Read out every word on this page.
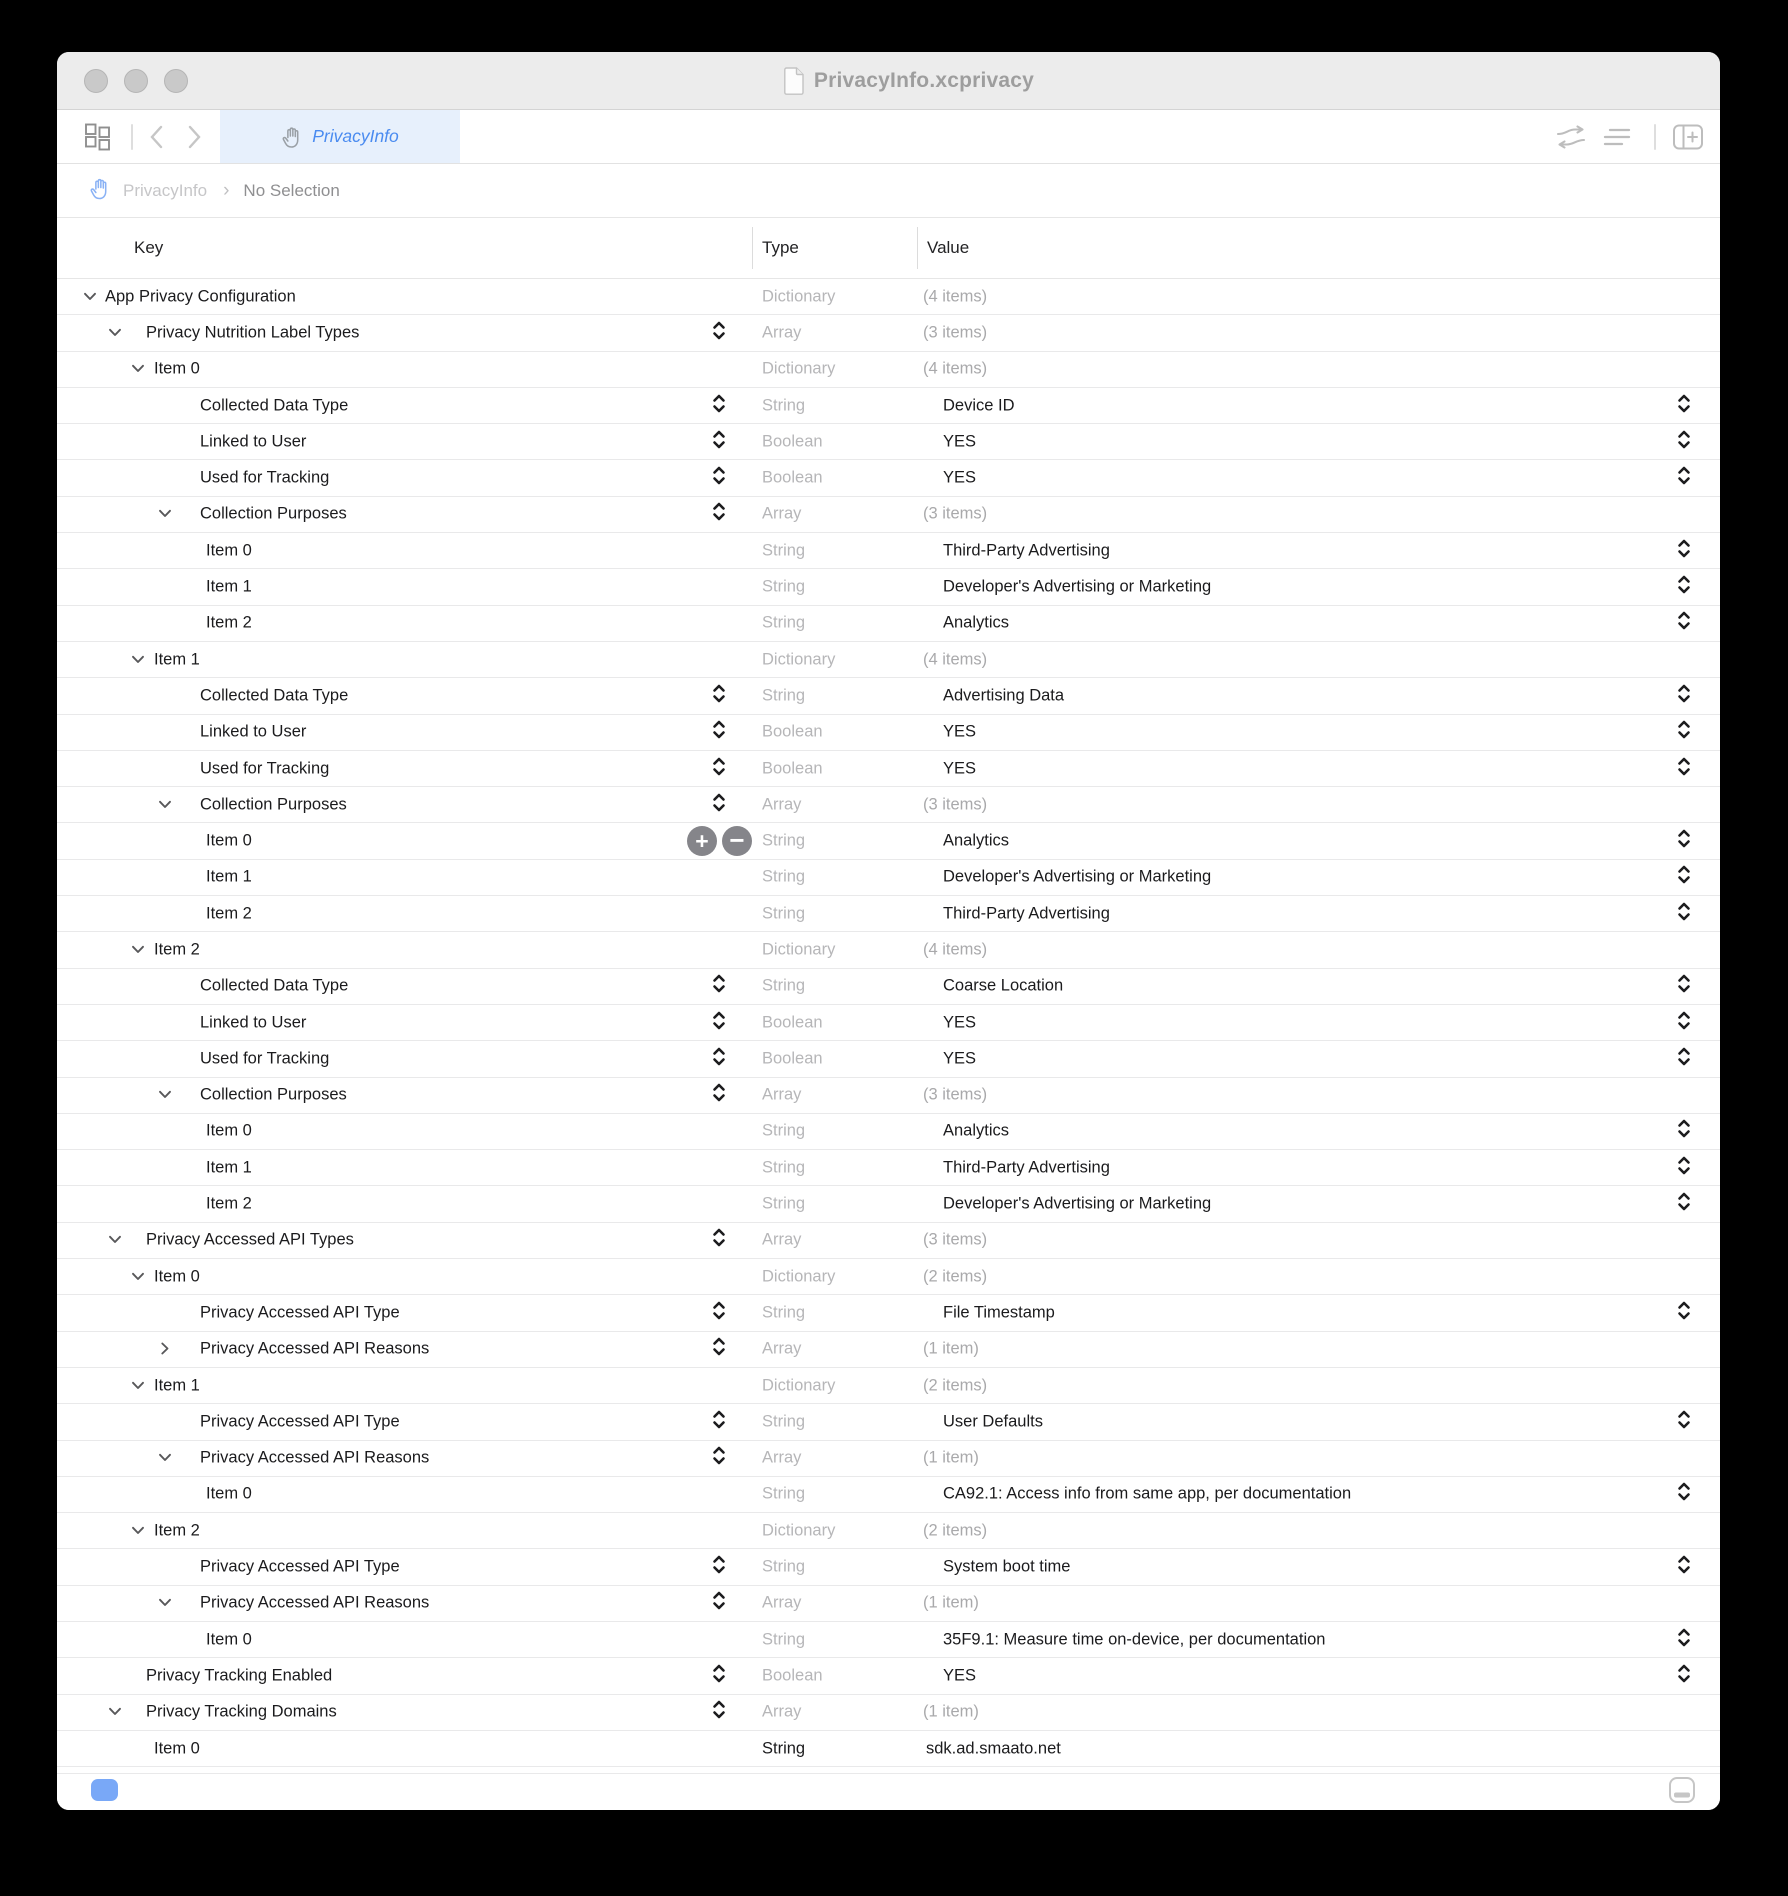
PrivacyInfo.xcprivacy
PrivacyInfo
PrivacyInfo › No Selection
Key	Type	Value
App Privacy Configuration	Dictionary	(4 items)
Privacy Nutrition Label Types	Array	(3 items)
Item 0	Dictionary	(4 items)
Collected Data Type	String	Device ID
Linked to User	Boolean	YES
Used for Tracking	Boolean	YES
Collection Purposes	Array	(3 items)
Item 0	String	Third-Party Advertising
Item 1	String	Developer's Advertising or Marketing
Item 2	String	Analytics
Item 1	Dictionary	(4 items)
Collected Data Type	String	Advertising Data
Linked to User	Boolean	YES
Used for Tracking	Boolean	YES
Collection Purposes	Array	(3 items)
Item 0	+ −	String	Analytics
Item 1	String	Developer's Advertising or Marketing
Item 2	String	Third-Party Advertising
Item 2	Dictionary	(4 items)
Collected Data Type	String	Coarse Location
Linked to User	Boolean	YES
Used for Tracking	Boolean	YES
Collection Purposes	Array	(3 items)
Item 0	String	Analytics
Item 1	String	Third-Party Advertising
Item 2	String	Developer's Advertising or Marketing
Privacy Accessed API Types	Array	(3 items)
Item 0	Dictionary	(2 items)
Privacy Accessed API Type	String	File Timestamp
Privacy Accessed API Reasons	Array	(1 item)
Item 1	Dictionary	(2 items)
Privacy Accessed API Type	String	User Defaults
Privacy Accessed API Reasons	Array	(1 item)
Item 0	String	CA92.1: Access info from same app, per documentation
Item 2	Dictionary	(2 items)
Privacy Accessed API Type	String	System boot time
Privacy Accessed API Reasons	Array	(1 item)
Item 0	String	35F9.1: Measure time on-device, per documentation
Privacy Tracking Enabled	Boolean	YES
Privacy Tracking Domains	Array	(1 item)
Item 0	String	sdk.ad.smaato.net
